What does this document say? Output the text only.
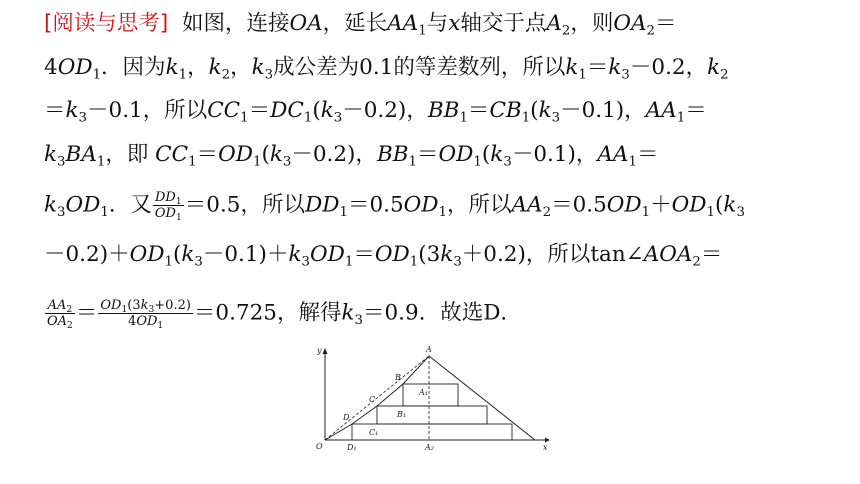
[阅读与思考]  如图，连接OA，延长$AA_1$与x轴交于点$A_2$，则$OA_2=$
$4OD_1$．因为$k_1$，$k_2$，$k_3$成公差为0.1的等差数列，所以$k_1=k_3-0.2$，$k_2$
$=k_3-0.1$，所以$CC_1=DC_1(k_3-0.2)$，$BB_1=CB_1(k_3-0.1)$，$AA_1=$
$k_3BA_1$，即 $CC_1=OD_1(k_3-0.2)$，$BB_1=OD_1(k_3-0.1)$，$AA_1=$
$k_3OD_1$．又 $\frac{DD_1}{OD_1} =0.5$，所以$DD_1=0.5OD_1$，所以$AA_2=0.5OD_1+OD_1(k_3$
$-0.2)+OD_1(k_3-0.1)+k_3OD_1=OD_1(3k_3+0.2)$，所以$\tan\angle AOA_2=$
$\frac{AA_2}{OA_2} = \frac{OD_1(3k_3+0.2)}{4OD_1} =0.725$，解得$k_3=0.9$．故选D．
y	A
B
A₁
C
B₁
D
C₁
O	D₁	A₂	x
